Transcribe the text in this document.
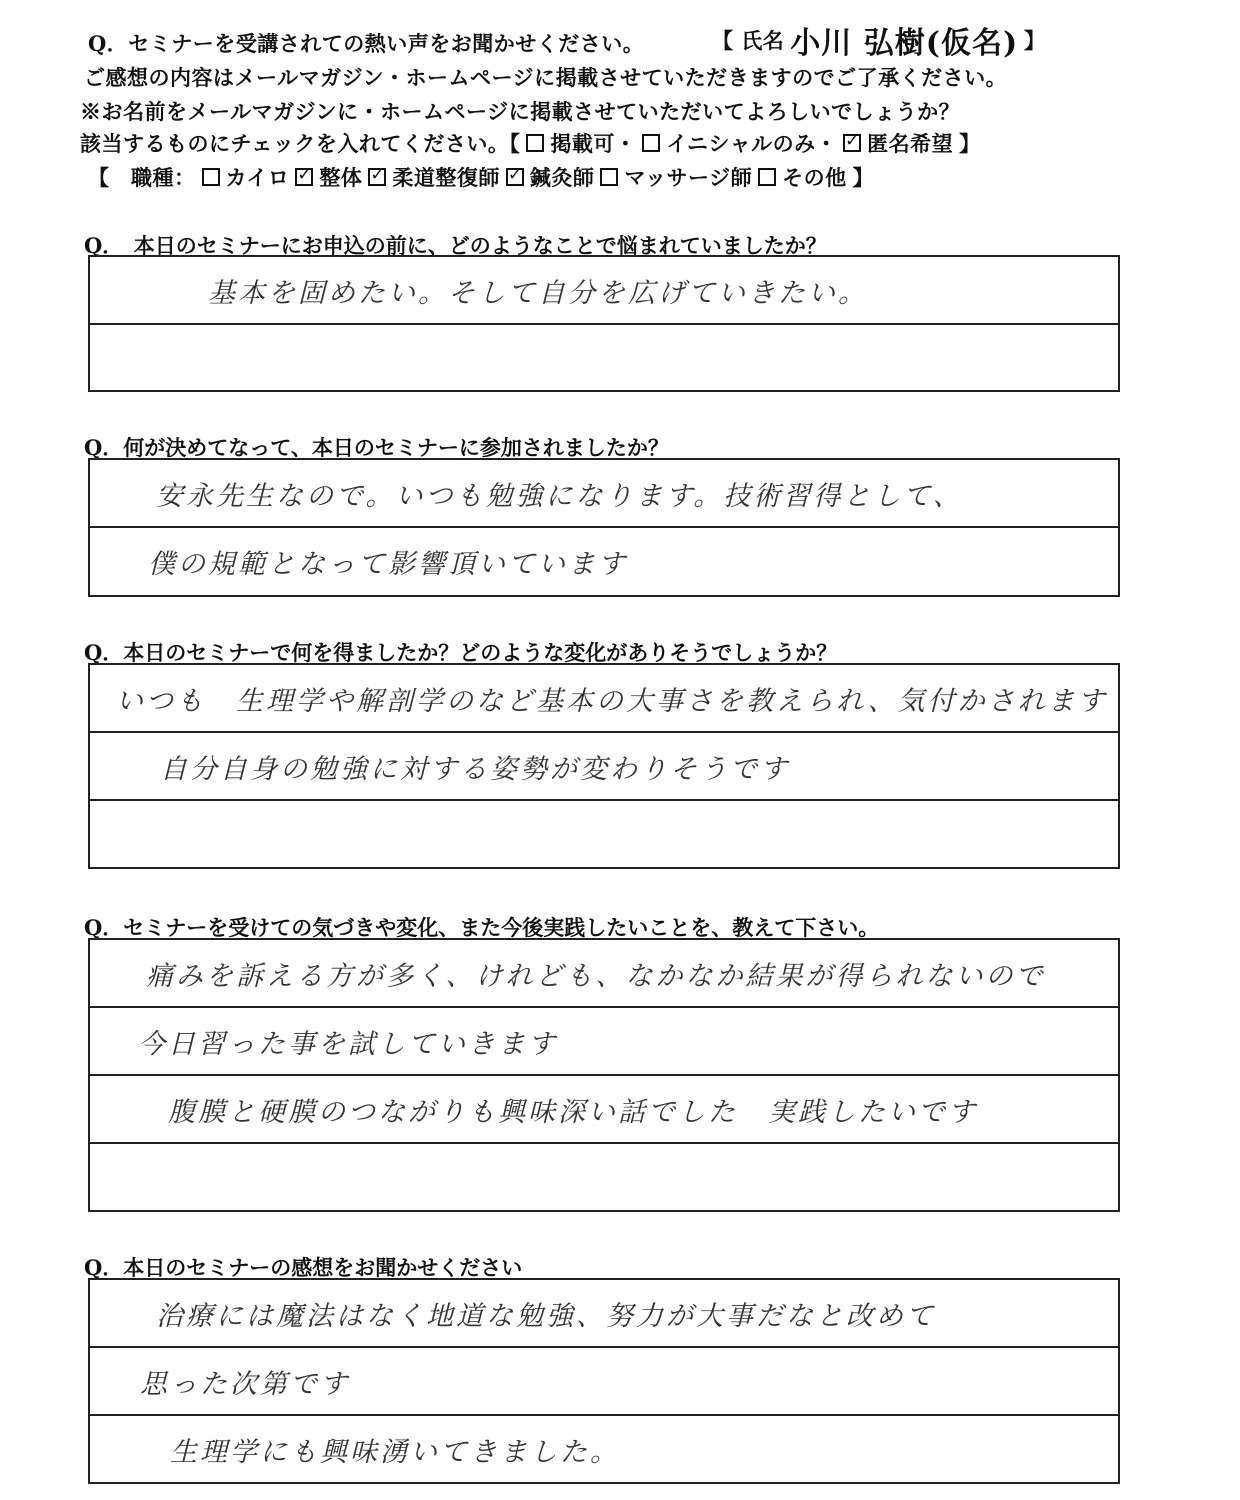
Q．セミナーを受講されての熱い声をお聞かせください。	【 氏名 小川 弘樹(仮名) 】
ご感想の内容はメールマガジン・ホームページに掲載させていただきますのでご了承ください。
※お名前をメールマガジンに・ホームページに掲載させていただいてよろしいでしょうか？
該当するものにチェックを入れてください。【 掲載可・ イニシャルのみ・ ✓ 匿名希望 】
【　職種： カイロ ✓ 整体 ✓ 柔道整復師 ✓ 鍼灸師 マッサージ師 その他 】
Q．　本日のセミナーにお申込の前に、どのようなことで悩まれていましたか？
基本を固めたい。そして自分を広げていきたい。
Q．何が決めてなって、本日のセミナーに参加されましたか？
安永先生なので。いつも勉強になります。技術習得として、
僕の規範となって影響頂いています
Q．本日のセミナーで何を得ましたか？どのような変化がありそうでしょうか？
いつも　生理学や解剖学のなど基本の大事さを教えられ、気付かされます
自分自身の勉強に対する姿勢が変わりそうです
Q．セミナーを受けての気づきや変化、また今後実践したいことを、教えて下さい。
痛みを訴える方が多く、けれども、なかなか結果が得られないので
今日習った事を試していきます
腹膜と硬膜のつながりも興味深い話でした　実践したいです
Q．本日のセミナーの感想をお聞かせください
治療には魔法はなく地道な勉強、努力が大事だなと改めて
思った次第です
生理学にも興味湧いてきました。
